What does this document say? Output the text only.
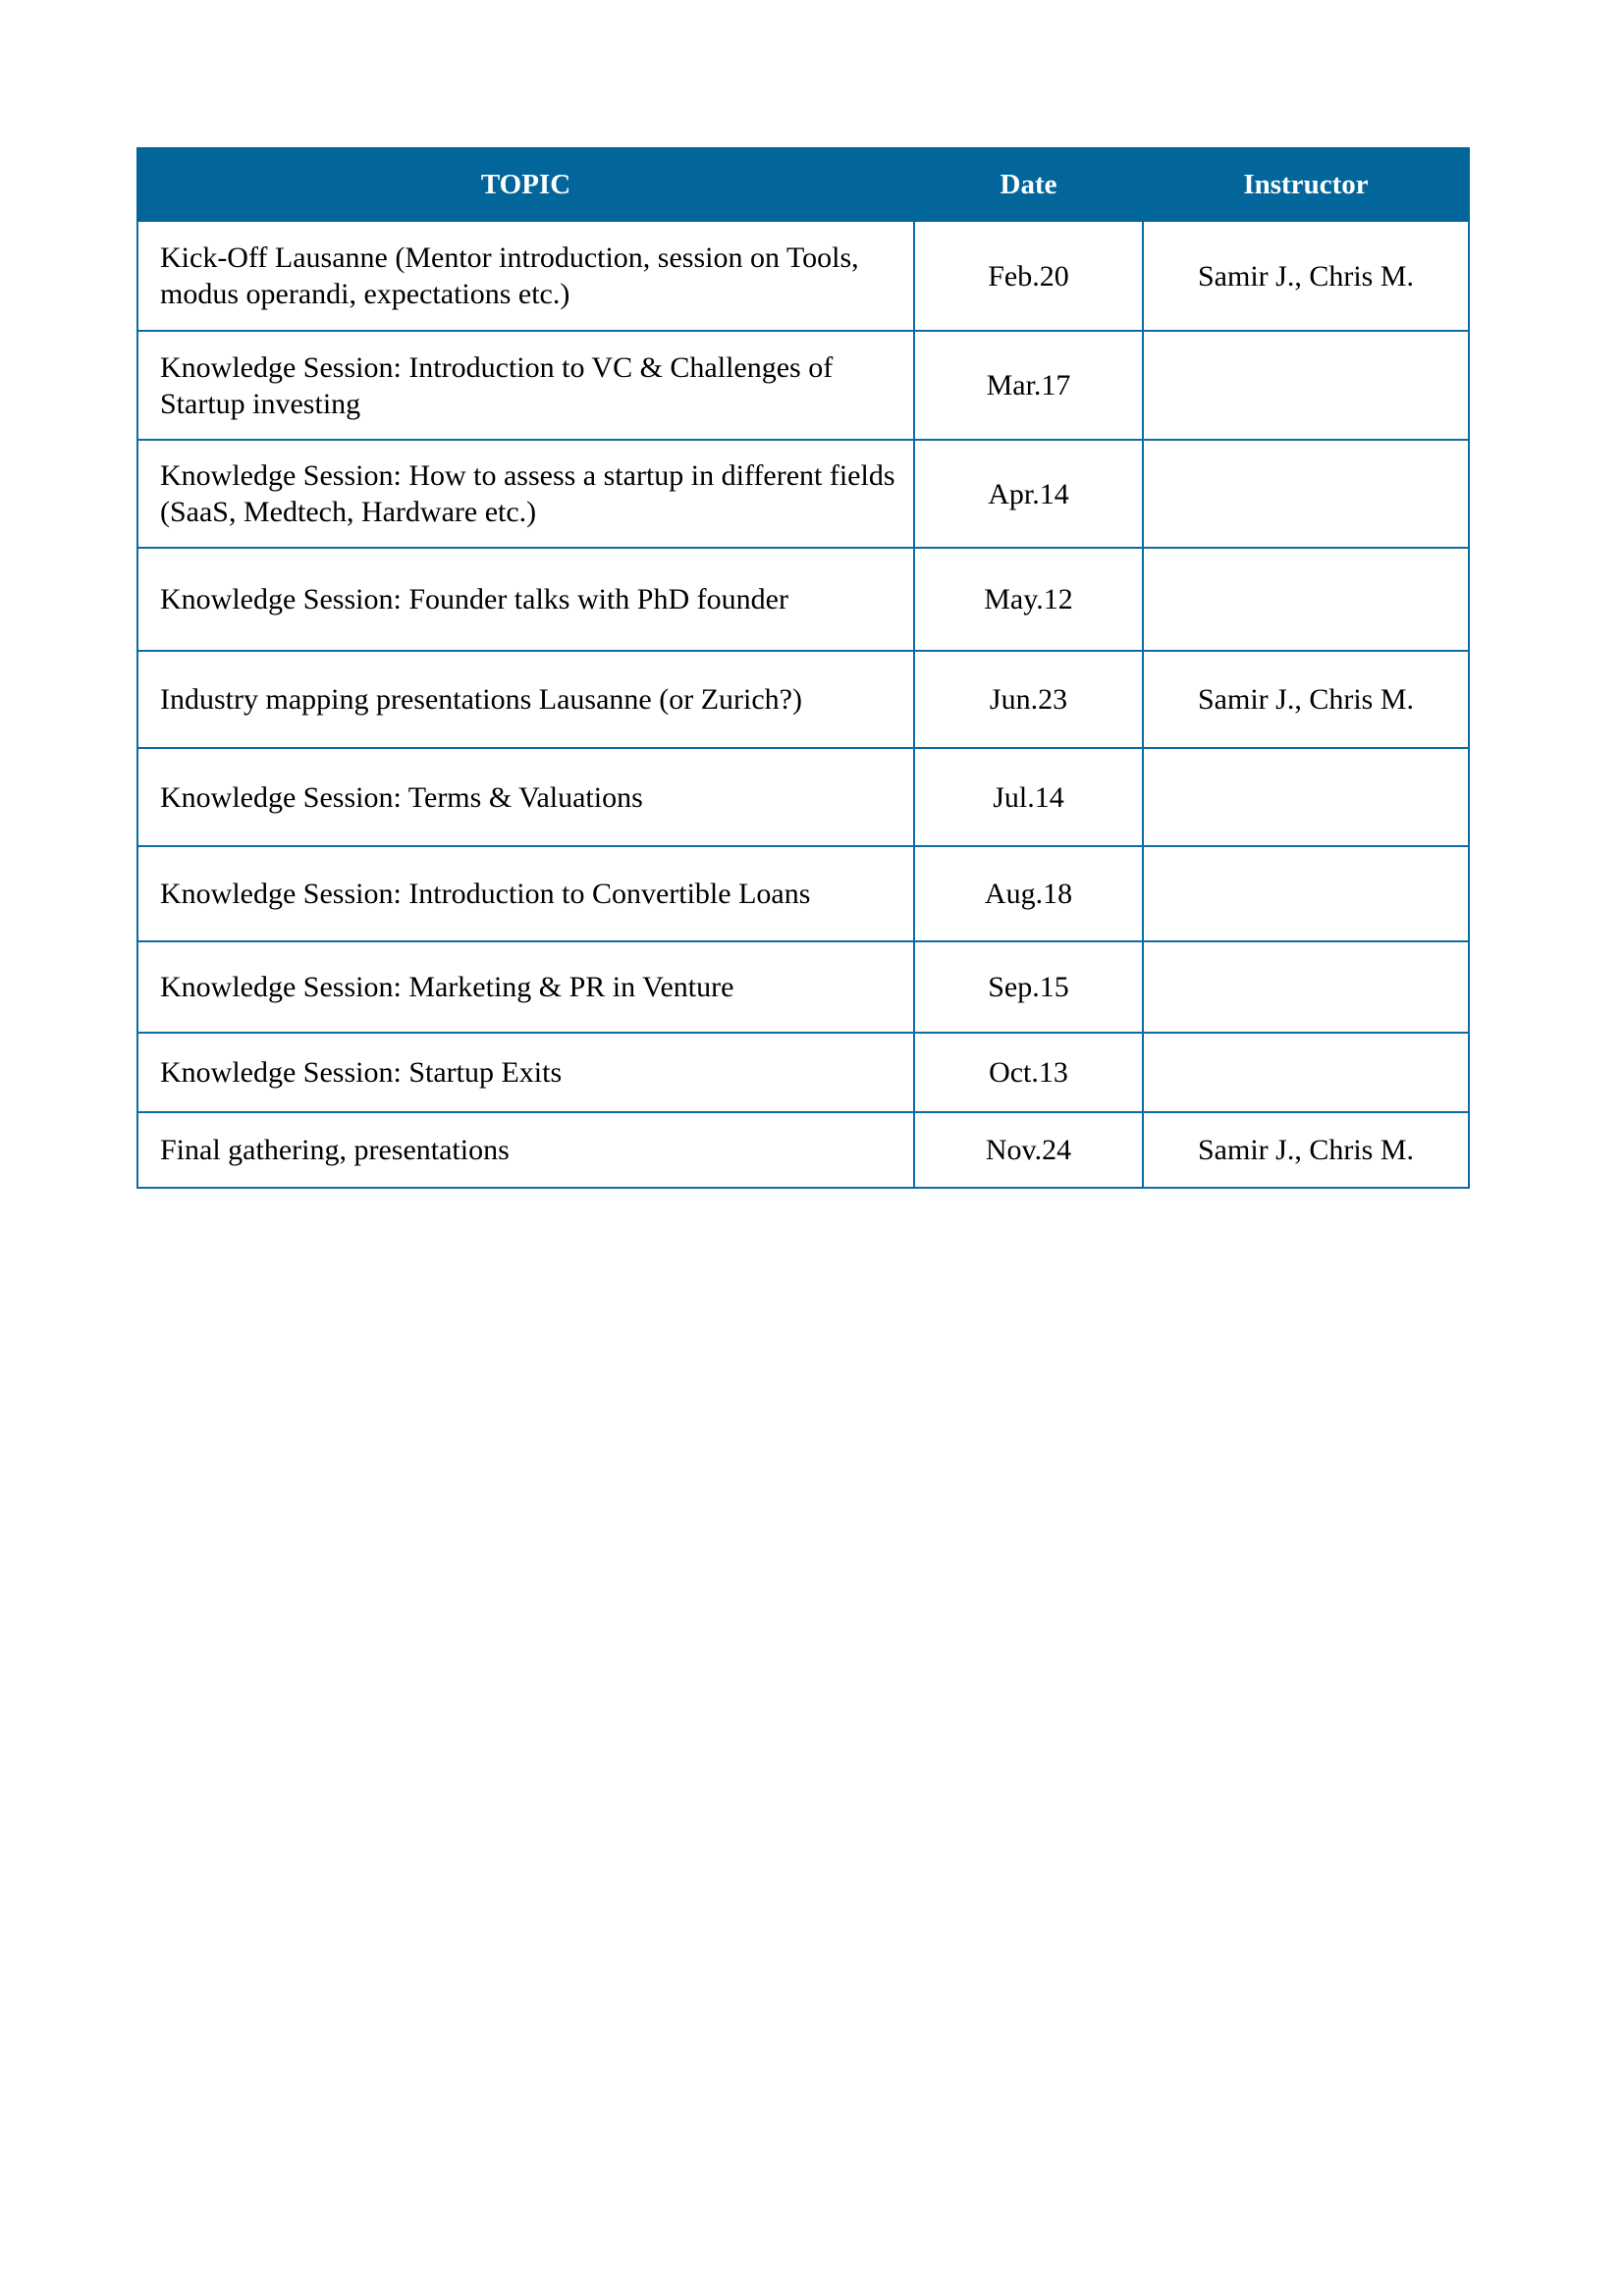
TOPIC	Date	Instructor
Kick-Off Lausanne (Mentor introduction, session on Tools, modus operandi, expectations etc.)	Feb.20	Samir J., Chris M.
Knowledge Session: Introduction to VC & Challenges of Startup investing	Mar.17	
Knowledge Session: How to assess a startup in different fields (SaaS, Medtech, Hardware etc.)	Apr.14	
Knowledge Session: Founder talks with PhD founder	May.12	
Industry mapping presentations Lausanne (or Zurich?)	Jun.23	Samir J., Chris M.
Knowledge Session: Terms & Valuations	Jul.14	
Knowledge Session: Introduction to Convertible Loans	Aug.18	
Knowledge Session: Marketing & PR in Venture	Sep.15	
Knowledge Session: Startup Exits	Oct.13	
Final gathering, presentations	Nov.24	Samir J., Chris M.
